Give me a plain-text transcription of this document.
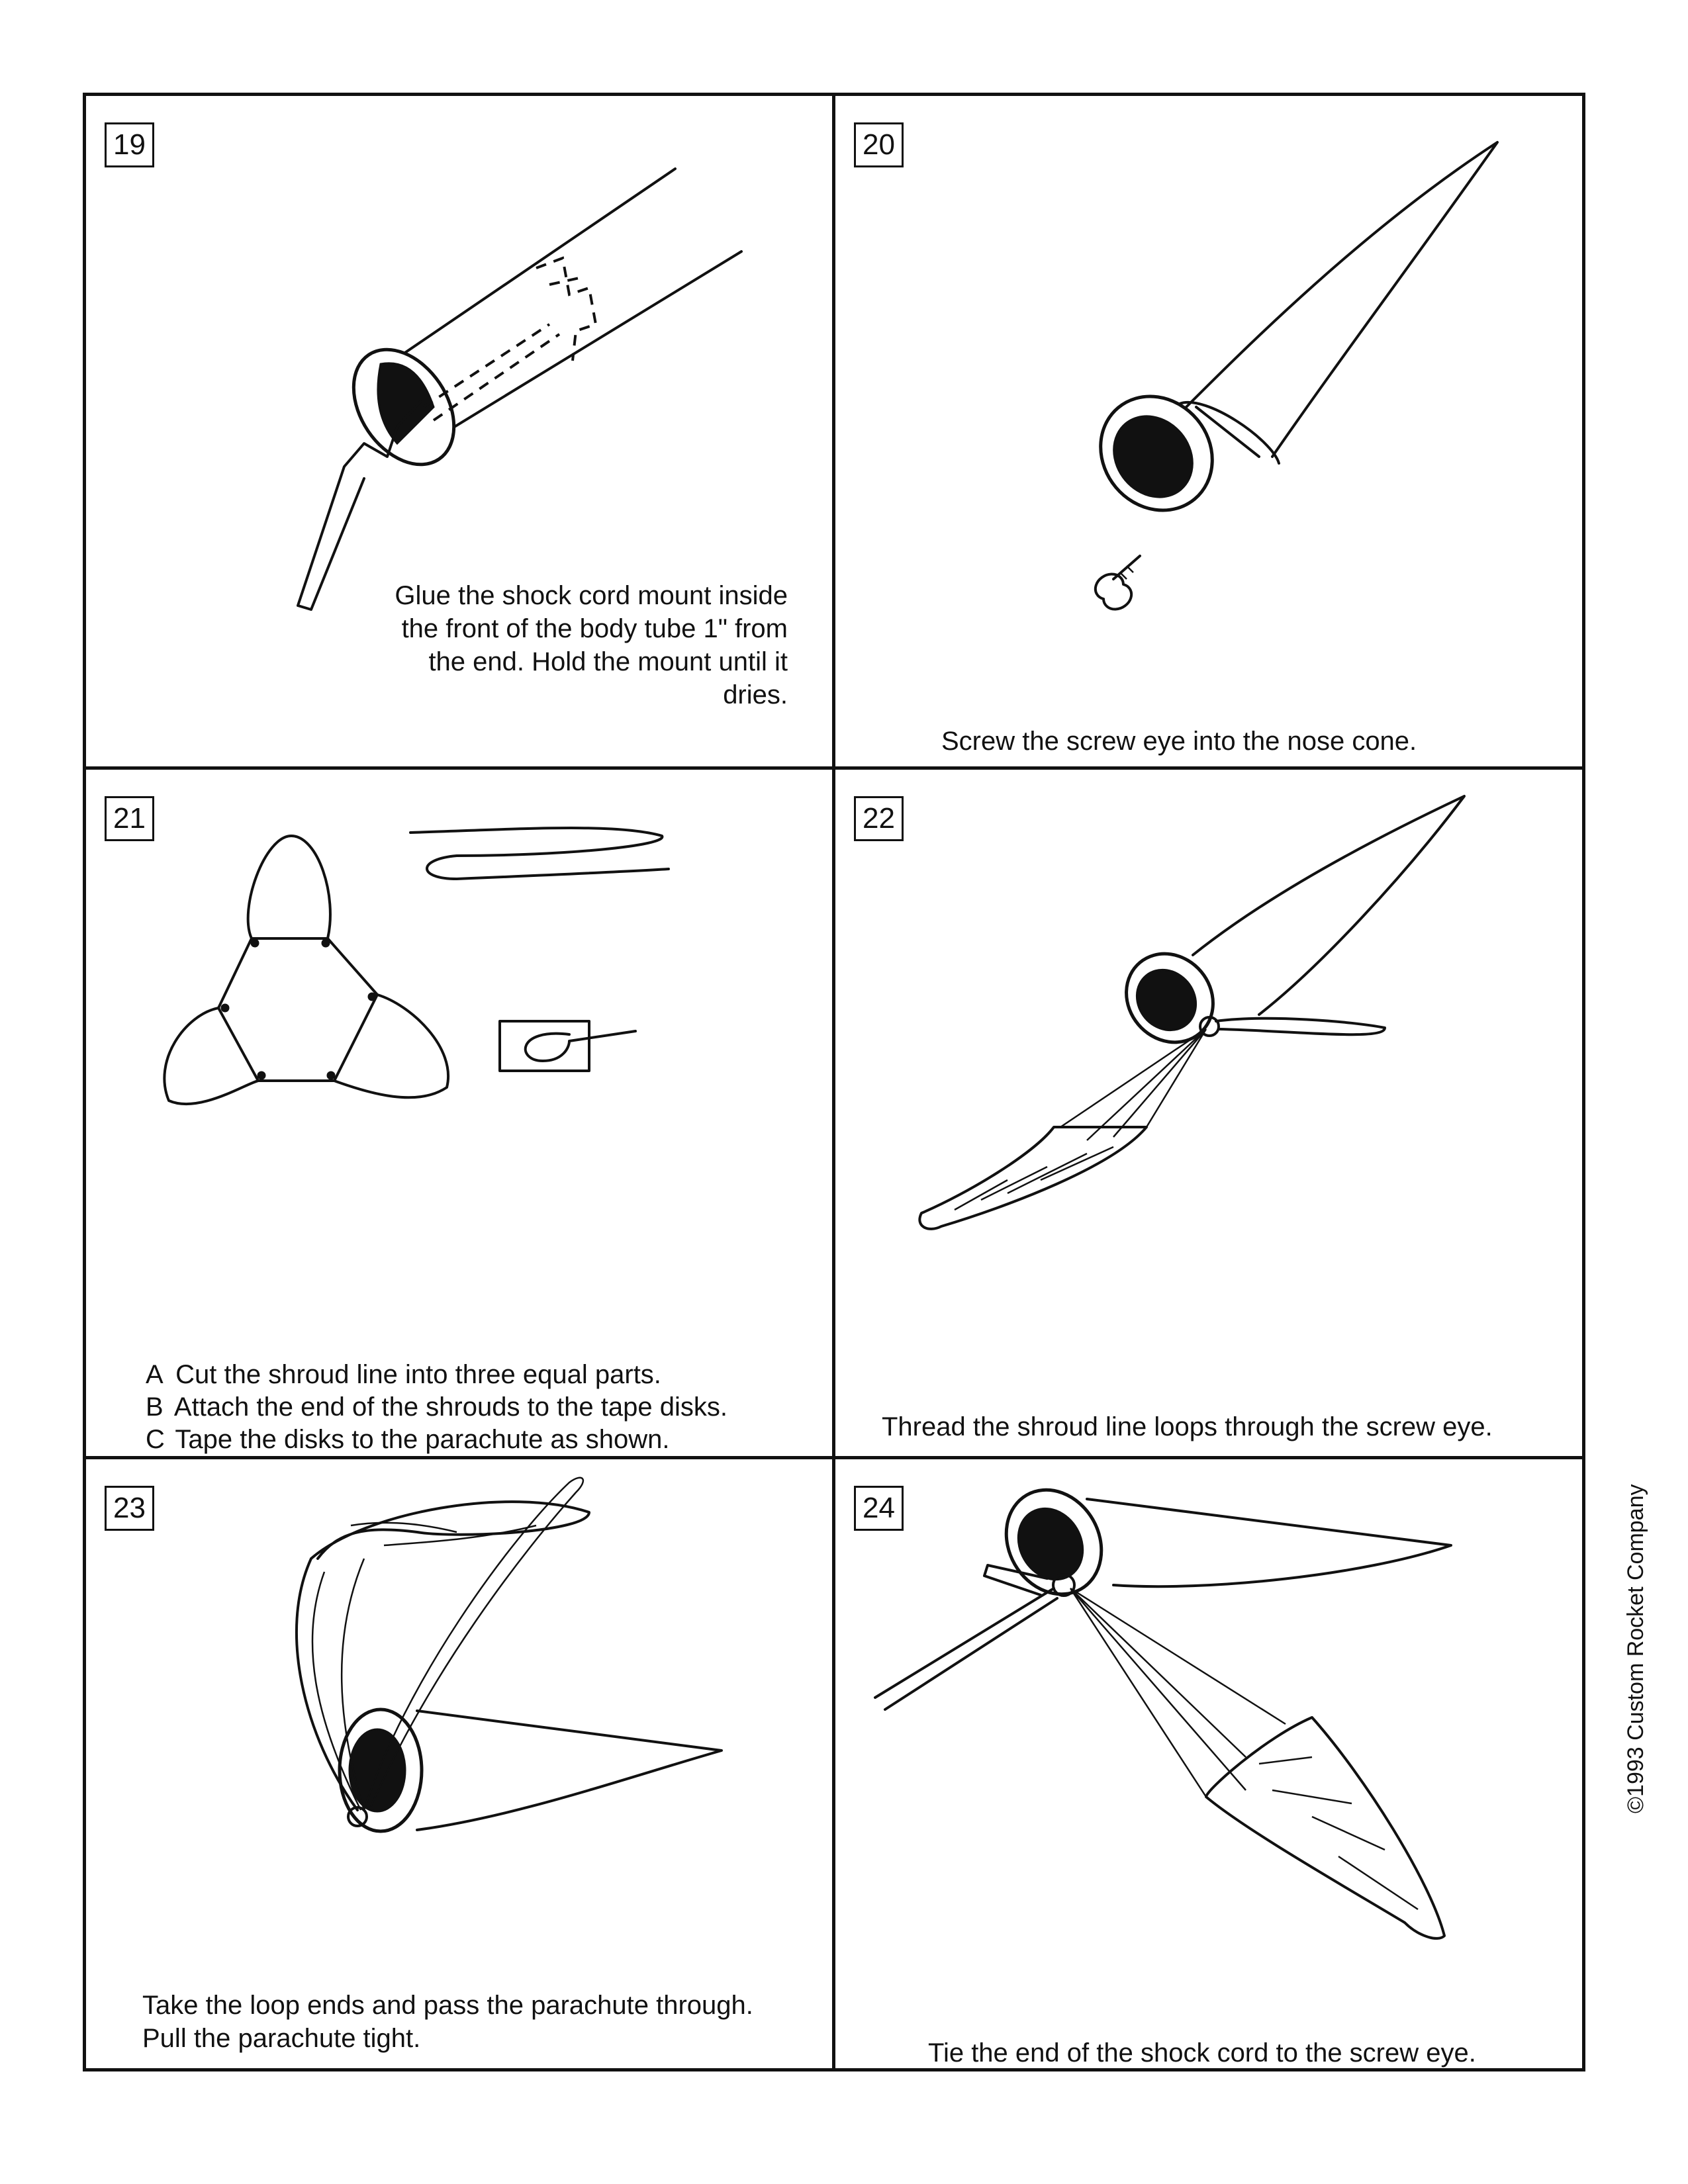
19

Glue the shock cord mount inside the front of the body tube 1" from the end. Hold the mount until it dries.

20

Screw the screw eye into the nose cone.

21
A Cut the shroud line into three equal parts.
B Attach the end of the shrouds to the tape disks.
C Tape the disks to the parachute as shown.
22

Thread the shroud line loops through the screw eye.

23
Take the loop ends and pass the parachute through.
Pull the parachute tight.
24

Tie the end of the shock cord to the screw eye.

©1993 Custom Rocket Company
